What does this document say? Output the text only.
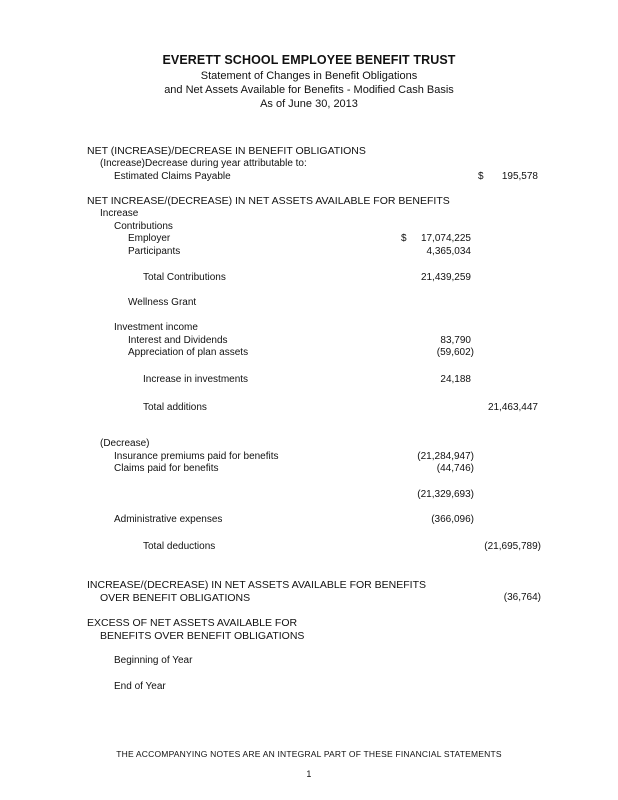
EVERETT SCHOOL EMPLOYEE BENEFIT TRUST
Statement of Changes in Benefit Obligations
and Net Assets Available for Benefits - Modified Cash Basis
As of June 30, 2013
NET (INCREASE)/DECREASE IN BENEFIT OBLIGATIONS
(Increase)Decrease during year attributable to:
Estimated Claims Payable	$ 195,578
NET INCREASE/(DECREASE) IN NET ASSETS AVAILABLE FOR BENEFITS
Increase
Contributions
Employer	$ 17,074,225
Participants	4,365,034
Total Contributions	21,439,259
Wellness Grant
Investment income
Interest and Dividends	83,790
Appreciation of plan assets	(59,602)
Increase in investments	24,188
Total additions	21,463,447
(Decrease)
Insurance premiums paid for benefits	(21,284,947)
Claims paid for benefits	(44,746)
(21,329,693)
Administrative expenses	(366,096)
Total deductions	(21,695,789)
INCREASE/(DECREASE) IN NET ASSETS AVAILABLE FOR BENEFITS
OVER BENEFIT OBLIGATIONS	(36,764)
EXCESS OF NET ASSETS AVAILABLE FOR
BENEFITS OVER BENEFIT OBLIGATIONS
Beginning of Year
End of Year
THE ACCOMPANYING NOTES ARE AN INTEGRAL PART OF THESE FINANCIAL STATEMENTS
1
